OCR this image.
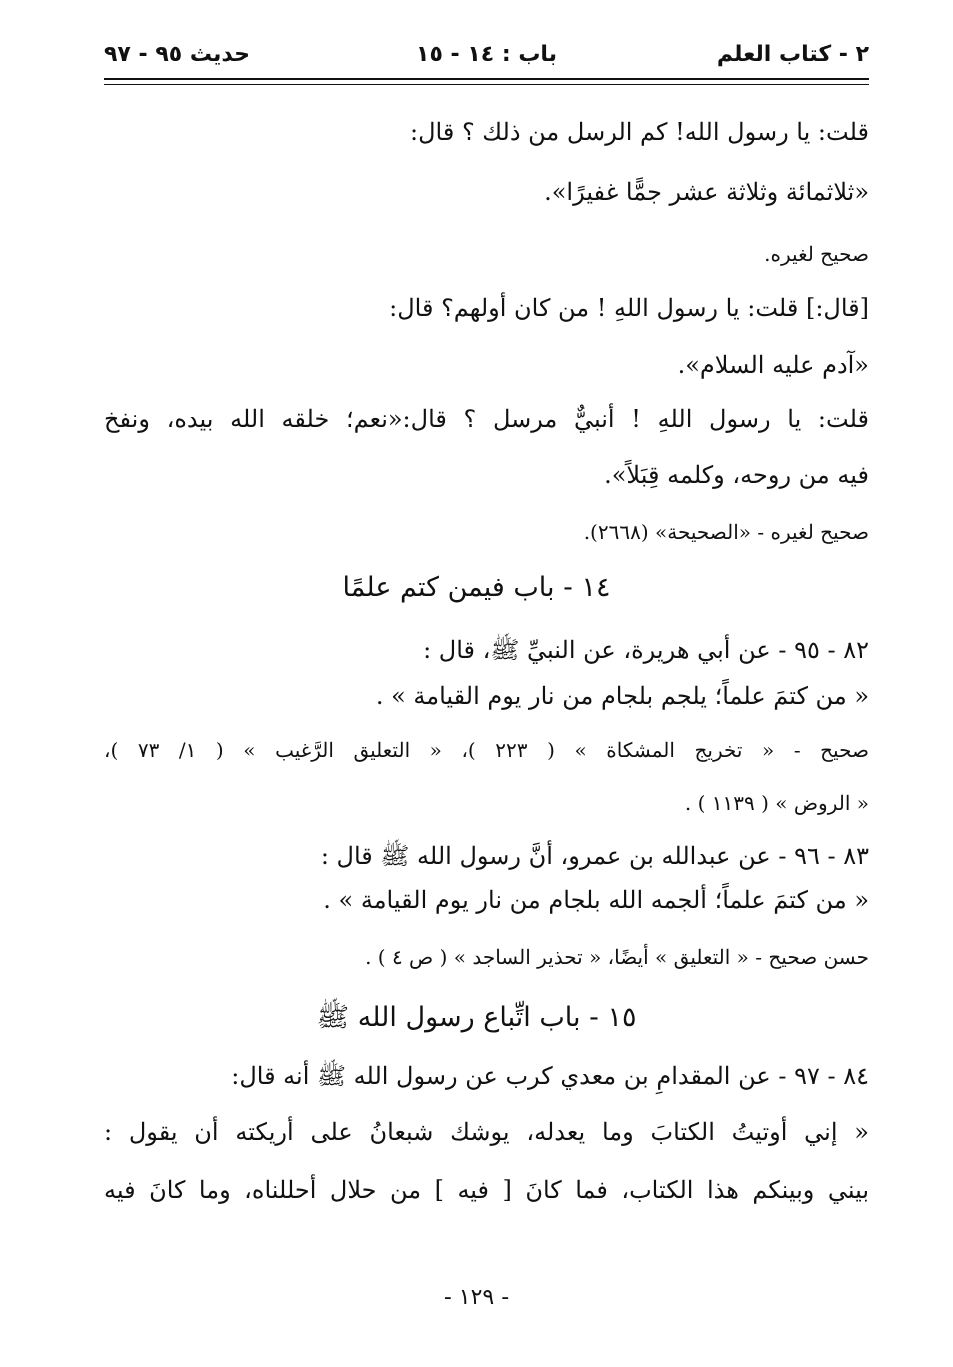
٢ - كتاب العلم
باب : ١٤ - ١٥
حديث ٩٥ - ٩٧
قلت: يا رسول الله! كم الرسل من ذلك ؟ قال:
«ثلاثمائة وثلاثة عشر جمًّا غفيرًا».
صحيح لغيره.
[قال:] قلت: يا رسول اللهِ ! من كان أولهم؟ قال:
«آدم عليه السلام».
قلت: يا رسول اللهِ ! أنبيٌّ مرسل ؟ قال:«نعم؛ خلقه الله بيده، ونفخ
فيه من روحه، وكلمه قِبَلاً».
صحيح لغيره - «الصحيحة» (٢٦٦٨).
١٤ - باب فيمن كتم علمًا
٨٢ - ٩٥ - عن أبي هريرة، عن النبيِّ ﷺ، قال :
« من كتمَ علماً؛ يلجم بلجام من نار يوم القيامة » .
صحيح - « تخريج المشكاة » ( ٢٢٣ )، « التعليق الرَّغيب » ( ١/ ٧٣ )،
« الروض » ( ١١٣٩ ) .
٨٣ - ٩٦ - عن عبدالله بن عمرو، أنَّ رسول الله ﷺ قال :
« من كتمَ علماً؛ ألجمه الله بلجام من نار يوم القيامة » .
حسن صحيح - « التعليق » أيضًا، « تحذير الساجد » ( ص ٤ ) .
١٥ - باب اتِّباع رسول الله ﷺ
٨٤ - ٩٧ - عن المقدامِ بن معدي كرب عن رسول الله ﷺ أنه قال:
« إني أوتيتُ الكتابَ وما يعدله، يوشك شبعانُ على أريكته أن يقول :
بيني وبينكم هذا الكتاب، فما كانَ [ فيه ] من حلال أحللناه، وما كانَ فيه
- ١٢٩ -
